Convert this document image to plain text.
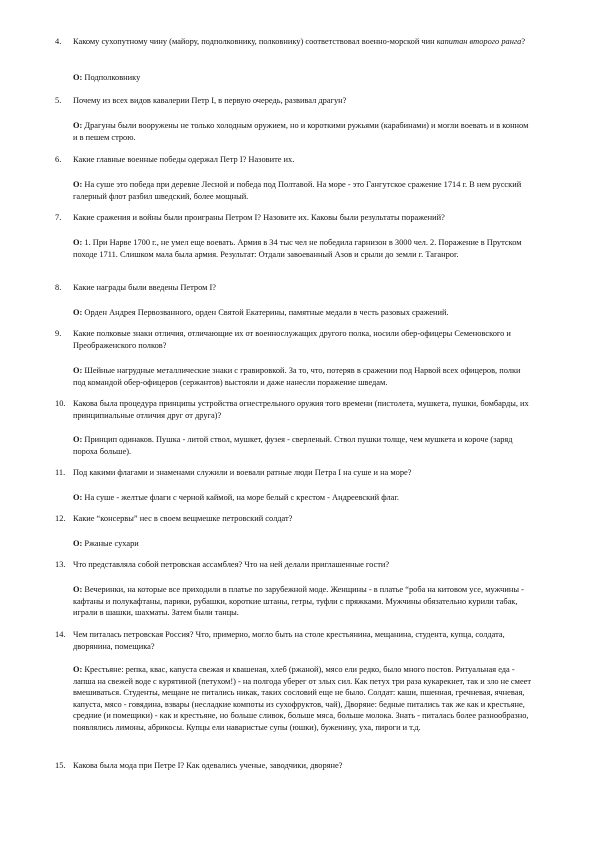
4. Какому сухопутному чину (майору, подполковнику, полковнику) соответствовал военно-морской чин капитан второго ранга?
О: Подполковнику
5. Почему из всех видов кавалерии Петр I, в первую очередь, развивал драгун?
О: Драгуны были вооружены не только холодным оружием, но и короткими ружьями (карабинами) и могли воевать и в конном и в пешем строю.
6. Какие главные военные победы одержал Петр I? Назовите их.
О: На суше это победа при деревне Лесной и победа под Полтавой. На море - это Гангутское сражение 1714 г. В нем русский галерный флот разбил шведский, более мощный.
7. Какие сражения и войны были проиграны Петром I? Назовите их. Каковы были результаты поражений?
О: 1. При Нарве 1700 г., не умел еще воевать. Армия в 34 тыс чел не победила гарнизон в 3000 чел. 2. Поражение в Прутском походе 1711. Слишком мала была армия. Результат: Отдали завоеванный Азов и срыли до земли г. Таганрог.
8. Какие награды были введены Петром I?
О: Орден Андрея Первозванного, орден Святой Екатерины, памятные медали в честь разовых сражений.
9. Какие полковые знаки отличия, отличающие их от военнослужащих другого полка, носили обер-офицеры Семеновского и Преображенского полков?
О: Шейные нагрудные металлические знаки с гравировкой. За то, что, потеряв в сражении под Нарвой всех офицеров, полки под командой обер-офицеров (сержантов) выстояли и даже нанесли поражение шведам.
10. Какова была процедура принципы устройства огнестрельного оружия того времени (пистолета, мушкета, пушки, бомбарды, их принципиальные отличия друг от друга)?
О: Принцип одинаков. Пушка - литой ствол, мушкет, фузея - сверленый. Ствол пушки толще, чем мушкета и короче (заряд пороха больше).
11. Под какими флагами и знаменами служили и воевали ратные люди Петра I на суше и на море?
О: На суше - желтые флаги с черной каймой, на море белый с крестом - Андреевский флаг.
12. Какие “консервы” нес в своем вещмешке петровский солдат?
О: Ржаные сухари
13. Что представляла собой петровская ассамблея? Что на ней делали приглашенные гости?
О: Вечеринки, на которые все приходили в платье по зарубежной моде. Женщины - в платье “роба на китовом усе, мужчины - кафтаны и полукафтаны, парики, рубашки, короткие штаны, гетры, туфли с пряжками. Мужчины обязательно курили табак, играли в шашки, шахматы. Затем были танцы.
14. Чем питалась петровская Россия? Что, примерно, могло быть на столе крестьянина, мещанина, студента, купца, солдата, дворянина, помещика?
О: Крестьяне: репка, квас, капуста свежая и квашеная, хлеб (ржаной), мясо ели редко, было много постов. Ритуальная еда - лапша на свежей воде с курятиной (петухом!) - на полгода уберег от злых сил. Как петух три раза кукарекнет, так и зло не смеет вмешиваться. Студенты, мещане не питались никак, таких сословий еще не было. Солдат: каши, пшенная, гречневая, ячневая, капуста, мясо - говядина, взвары (несладкие компоты из сухофруктов, чай), Дворяне: бедные питались так же как и крестьяне, средние (и помещики) - как и крестьяне, но больше сливок, больше мяса, больше молока. Знать - питалась более разнообразно, появлялись лимоны, абрикосы. Купцы ели наваристые супы (юшки), буженину, уха, пироги и т.д.
15. Какова была мода при Петре I? Как одевались ученые, заводчики, дворяне?
